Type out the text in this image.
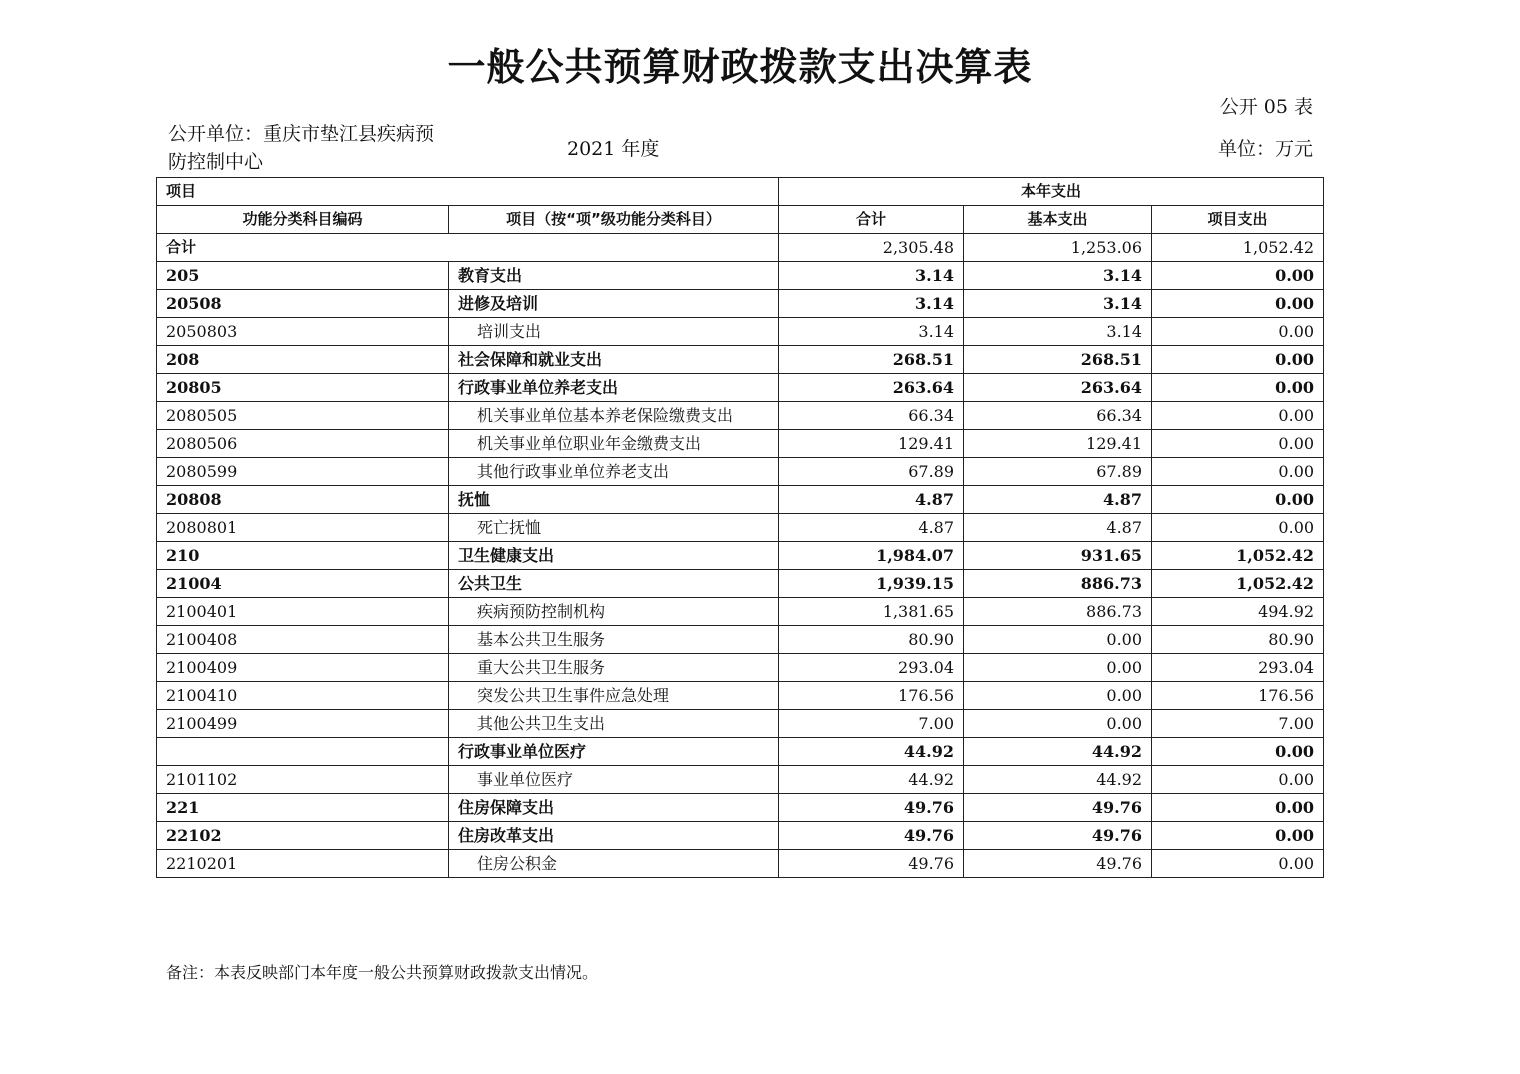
一般公共预算财政拨款支出决算表
公开 05 表
公开单位：重庆市垫江县疾病预防控制中心
2021 年度	单位：万元
项目		本年支出		
功能分类科目编码	项目（按“项”级功能分类科目）	合计	基本支出	项目支出
合计		2,305.48	1,253.06	1,052.42
205	教育支出	3.14	3.14	0.00
20508	进修及培训	3.14	3.14	0.00
2050803	培训支出	3.14	3.14	0.00
208	社会保障和就业支出	268.51	268.51	0.00
20805	行政事业单位养老支出	263.64	263.64	0.00
2080505	机关事业单位基本养老保险缴费支出	66.34	66.34	0.00
2080506	机关事业单位职业年金缴费支出	129.41	129.41	0.00
2080599	其他行政事业单位养老支出	67.89	67.89	0.00
20808	抚恤	4.87	4.87	0.00
2080801	死亡抚恤	4.87	4.87	0.00
210	卫生健康支出	1,984.07	931.65	1,052.42
21004	公共卫生	1,939.15	886.73	1,052.42
2100401	疾病预防控制机构	1,381.65	886.73	494.92
2100408	基本公共卫生服务	80.90	0.00	80.90
2100409	重大公共卫生服务	293.04	0.00	293.04
2100410	突发公共卫生事件应急处理	176.56	0.00	176.56
2100499	其他公共卫生支出	7.00	0.00	7.00
	行政事业单位医疗	44.92	44.92	0.00
2101102	事业单位医疗	44.92	44.92	0.00
221	住房保障支出	49.76	49.76	0.00
22102	住房改革支出	49.76	49.76	0.00
2210201	住房公积金	49.76	49.76	0.00
备注：本表反映部门本年度一般公共预算财政拨款支出情况。
